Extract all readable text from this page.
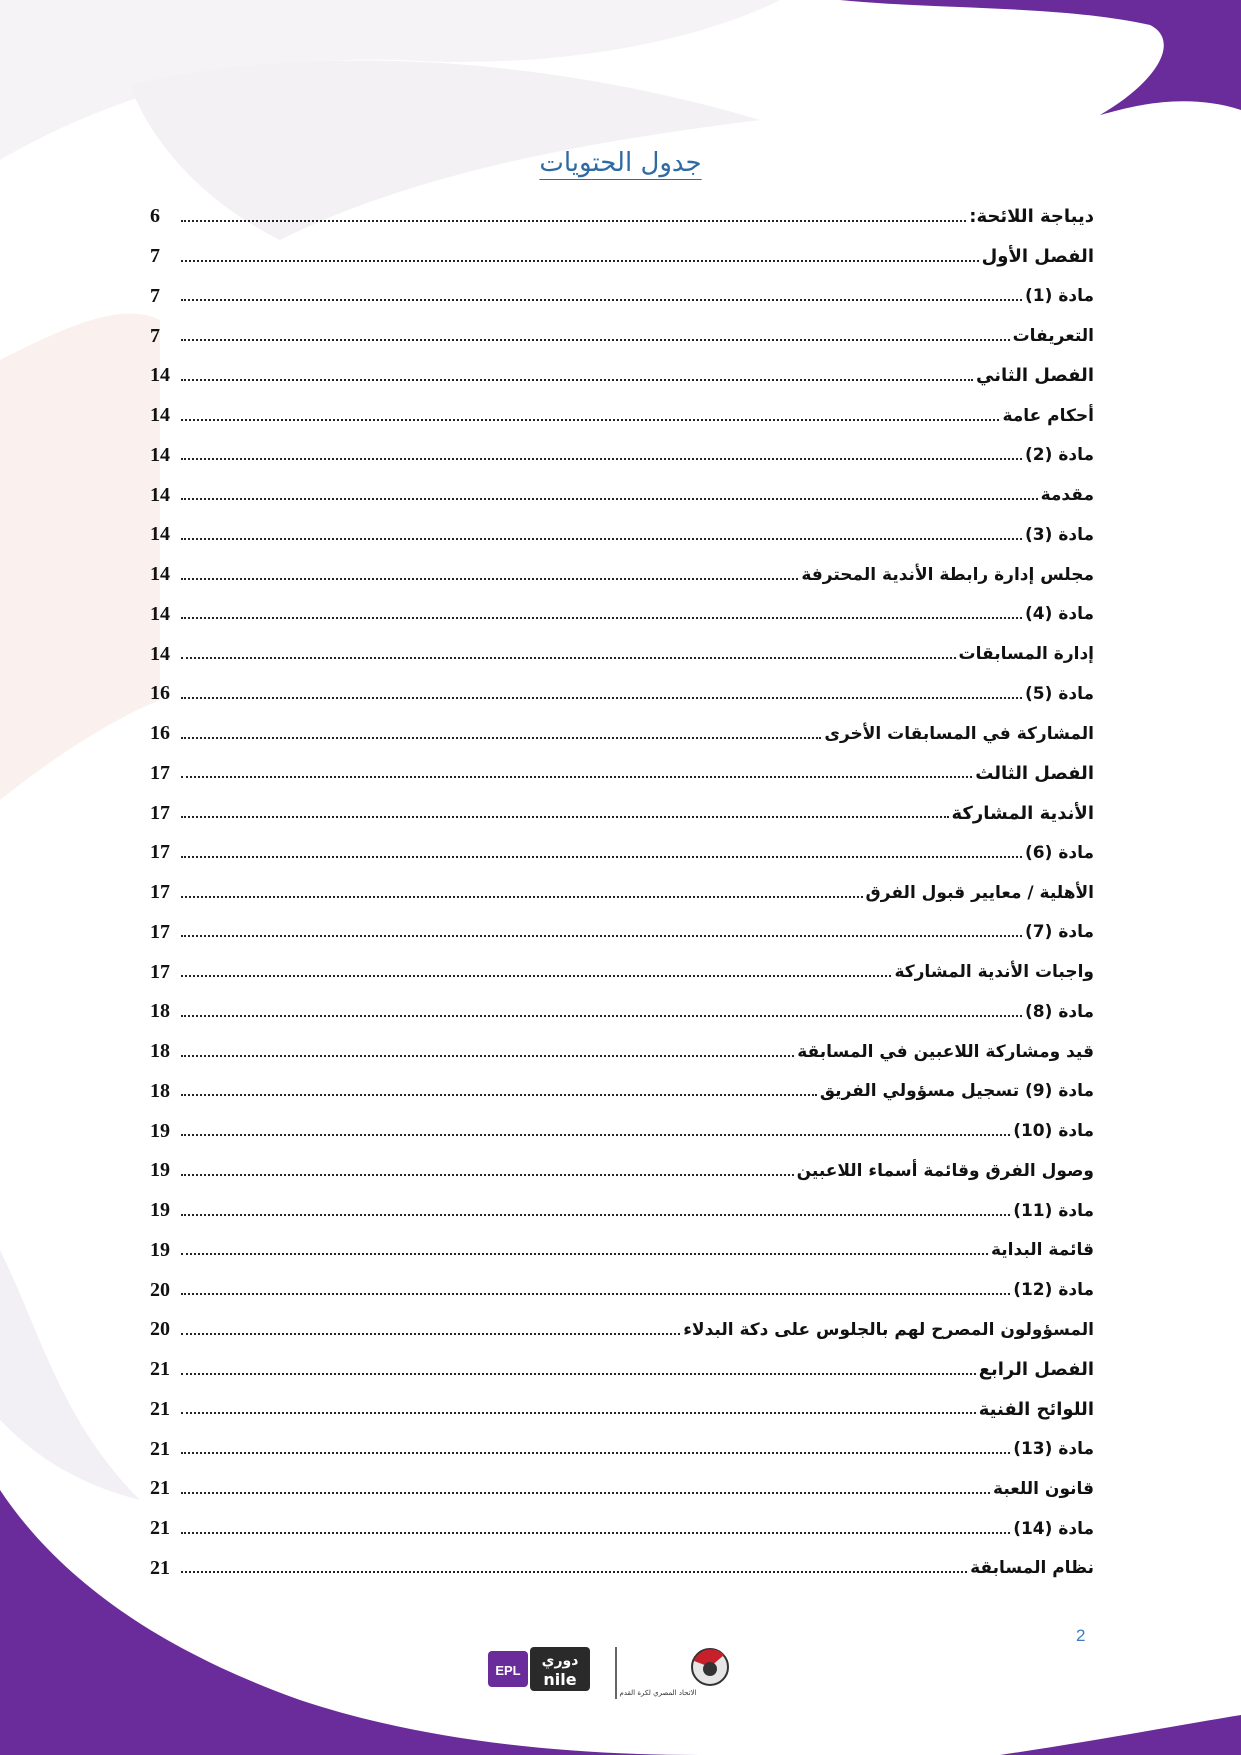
جدول الحتويات
ديباجة اللائحة:
6
الفصل الأول
7
مادة (1)
7
التعريفات
7
الفصل الثاني
14
أحكام عامة
14
مادة (2)
14
مقدمة
14
مادة (3)
14
مجلس إدارة رابطة الأندية المحترفة
14
مادة (4)
14
إدارة المسابقات
14
مادة (5)
16
المشاركة في المسابقات الأخرى
16
الفصل الثالث
17
الأندية المشاركة
17
مادة (6)
17
الأهلية / معايير قبول الفرق
17
مادة (7)
17
واجبات الأندية المشاركة
17
مادة (8)
18
قيد ومشاركة اللاعبين في المسابقة
18
مادة (9) تسجيل مسؤولي الفريق
18
مادة (10)
19
وصول الفرق وقائمة أسماء اللاعبين
19
مادة (11)
19
قائمة البداية
19
مادة (12)
20
المسؤولون المصرح لهم بالجلوس على دكة البدلاء
20
الفصل الرابع
21
اللوائح الفنية
21
مادة (13)
21
قانون اللعبة
21
مادة (14)
21
نظام المسابقة
21
2
EPL
دوري
nile
الاتحاد المصري لكرة القدم
